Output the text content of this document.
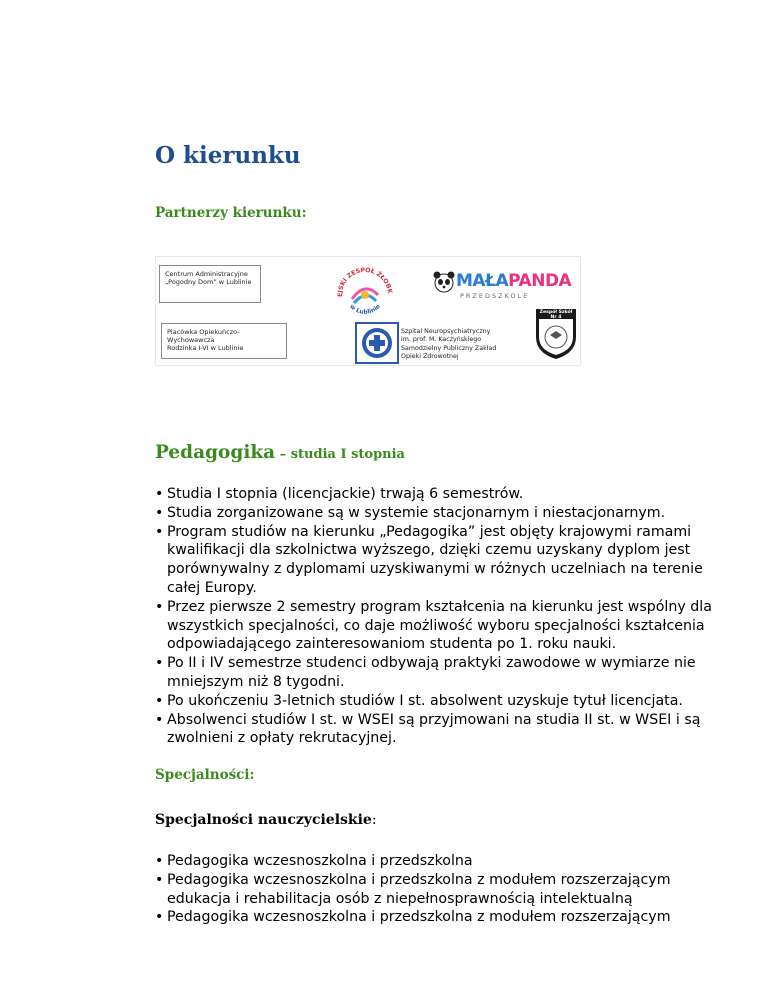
O kierunku

Partnerzy kierunku:

Centrum Administracyjne
„Pogodny Dom” w Lublinie
Placówka Opiekuńczo-Wychowawcza
Rodzinka I-VI w Lublinie
EJSKI ZESPÓŁ ŻŁOBK
w Lublinie
MAŁAPANDA
PRZEDSZKOLE
Szpital Neuropsychiatryczny
im. prof. M. Kaczyńskiego
Samodzielny Publiczny Zakład
Opieki Zdrowotnej
Zespół Szkół Nr 4

Pedagogika – studia I stopnia

• Studia I stopnia (licencjackie) trwają 6 semestrów.
• Studia zorganizowane są w systemie stacjonarnym i niestacjonarnym.
• Program studiów na kierunku „Pedagogika” jest objęty krajowymi ramami kwalifikacji dla szkolnictwa wyższego, dzięki czemu uzyskany dyplom jest porównywalny z dyplomami uzyskiwanymi w różnych uczelniach na terenie całej Europy.
• Przez pierwsze 2 semestry program kształcenia na kierunku jest wspólny dla wszystkich specjalności, co daje możliwość wyboru specjalności kształcenia odpowiadającego zainteresowaniom studenta po 1. roku nauki.
• Po II i IV semestrze studenci odbywają praktyki zawodowe w wymiarze nie mniejszym niż 8 tygodni.
• Po ukończeniu 3-letnich studiów I st. absolwent uzyskuje tytuł licencjata.
• Absolwenci studiów I st. w WSEI są przyjmowani na studia II st. w WSEI i są zwolnieni z opłaty rekrutacyjnej.

Specjalności:

Specjalności nauczycielskie:

• Pedagogika wczesnoszkolna i przedszkolna
• Pedagogika wczesnoszkolna i przedszkolna z modułem rozszerzającym edukacja i rehabilitacja osób z niepełnosprawnością intelektualną
• Pedagogika wczesnoszkolna i przedszkolna z modułem rozszerzającym
